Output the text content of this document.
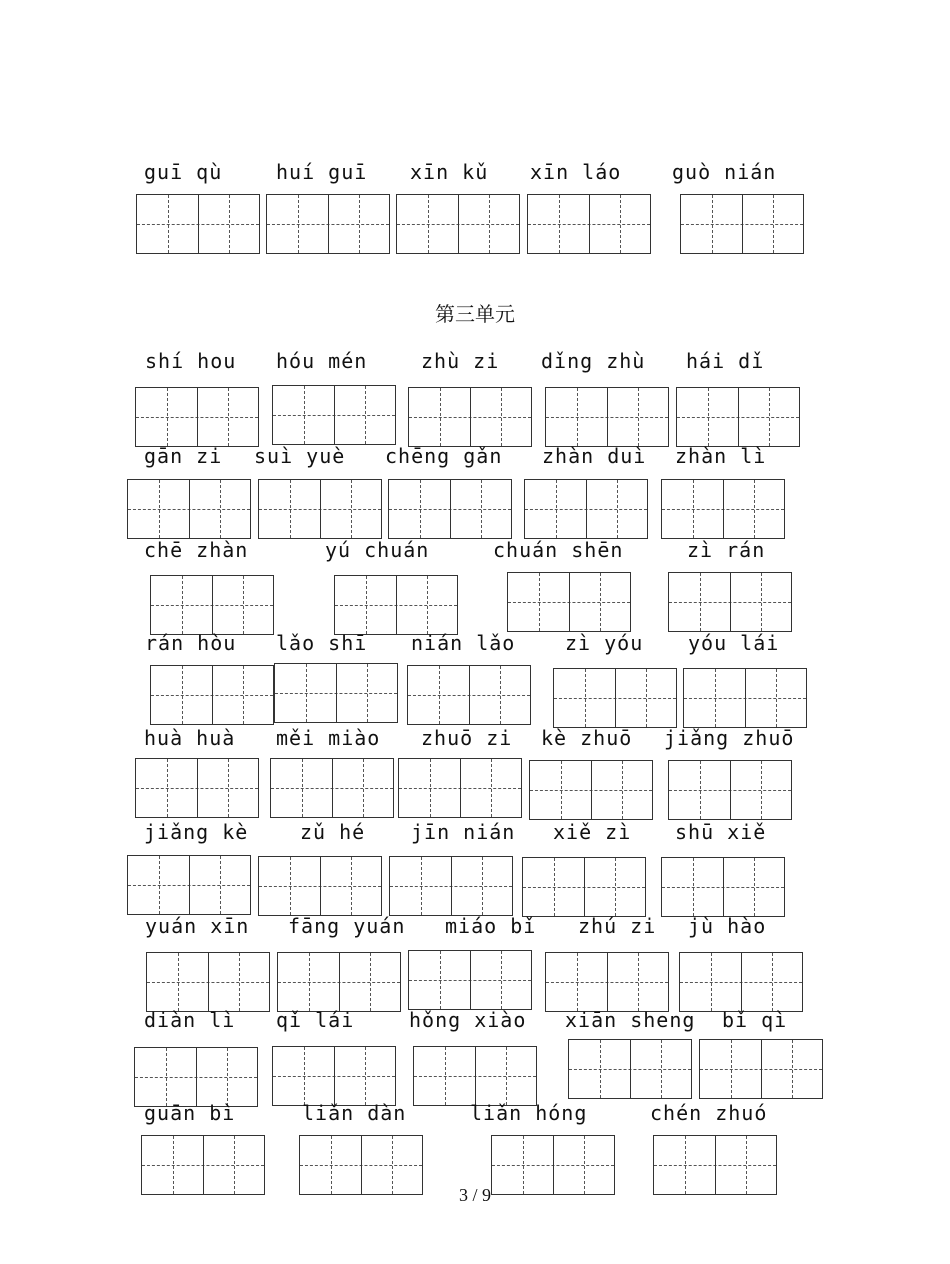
guī qù	huí guī xīn kǔ xīn láo	guò nián
第三单元
shí hou hóu mén	zhù zi dǐng zhù hái dǐ
gān zi suì yuè chēng gǎn zhàn duì zhàn lì
chē zhàn	yú chuán	chuán shēn	zì rán
rán hòu lǎo shī nián lǎo zì yóu yóu lái
huà huà měi miào zhuō zi kè zhuō jiǎng zhuō
jiǎng kè	zǔ hé jīn nián xiě zì shū xiě
yuán xīn fāng yuán miáo bǐ zhú zi jù hào
diàn lì qǐ lái	hǒng xiào xiān sheng bǐ qì
guān bì	liǎn dàn	liǎn hóng	chén zhuó
3 / 9
